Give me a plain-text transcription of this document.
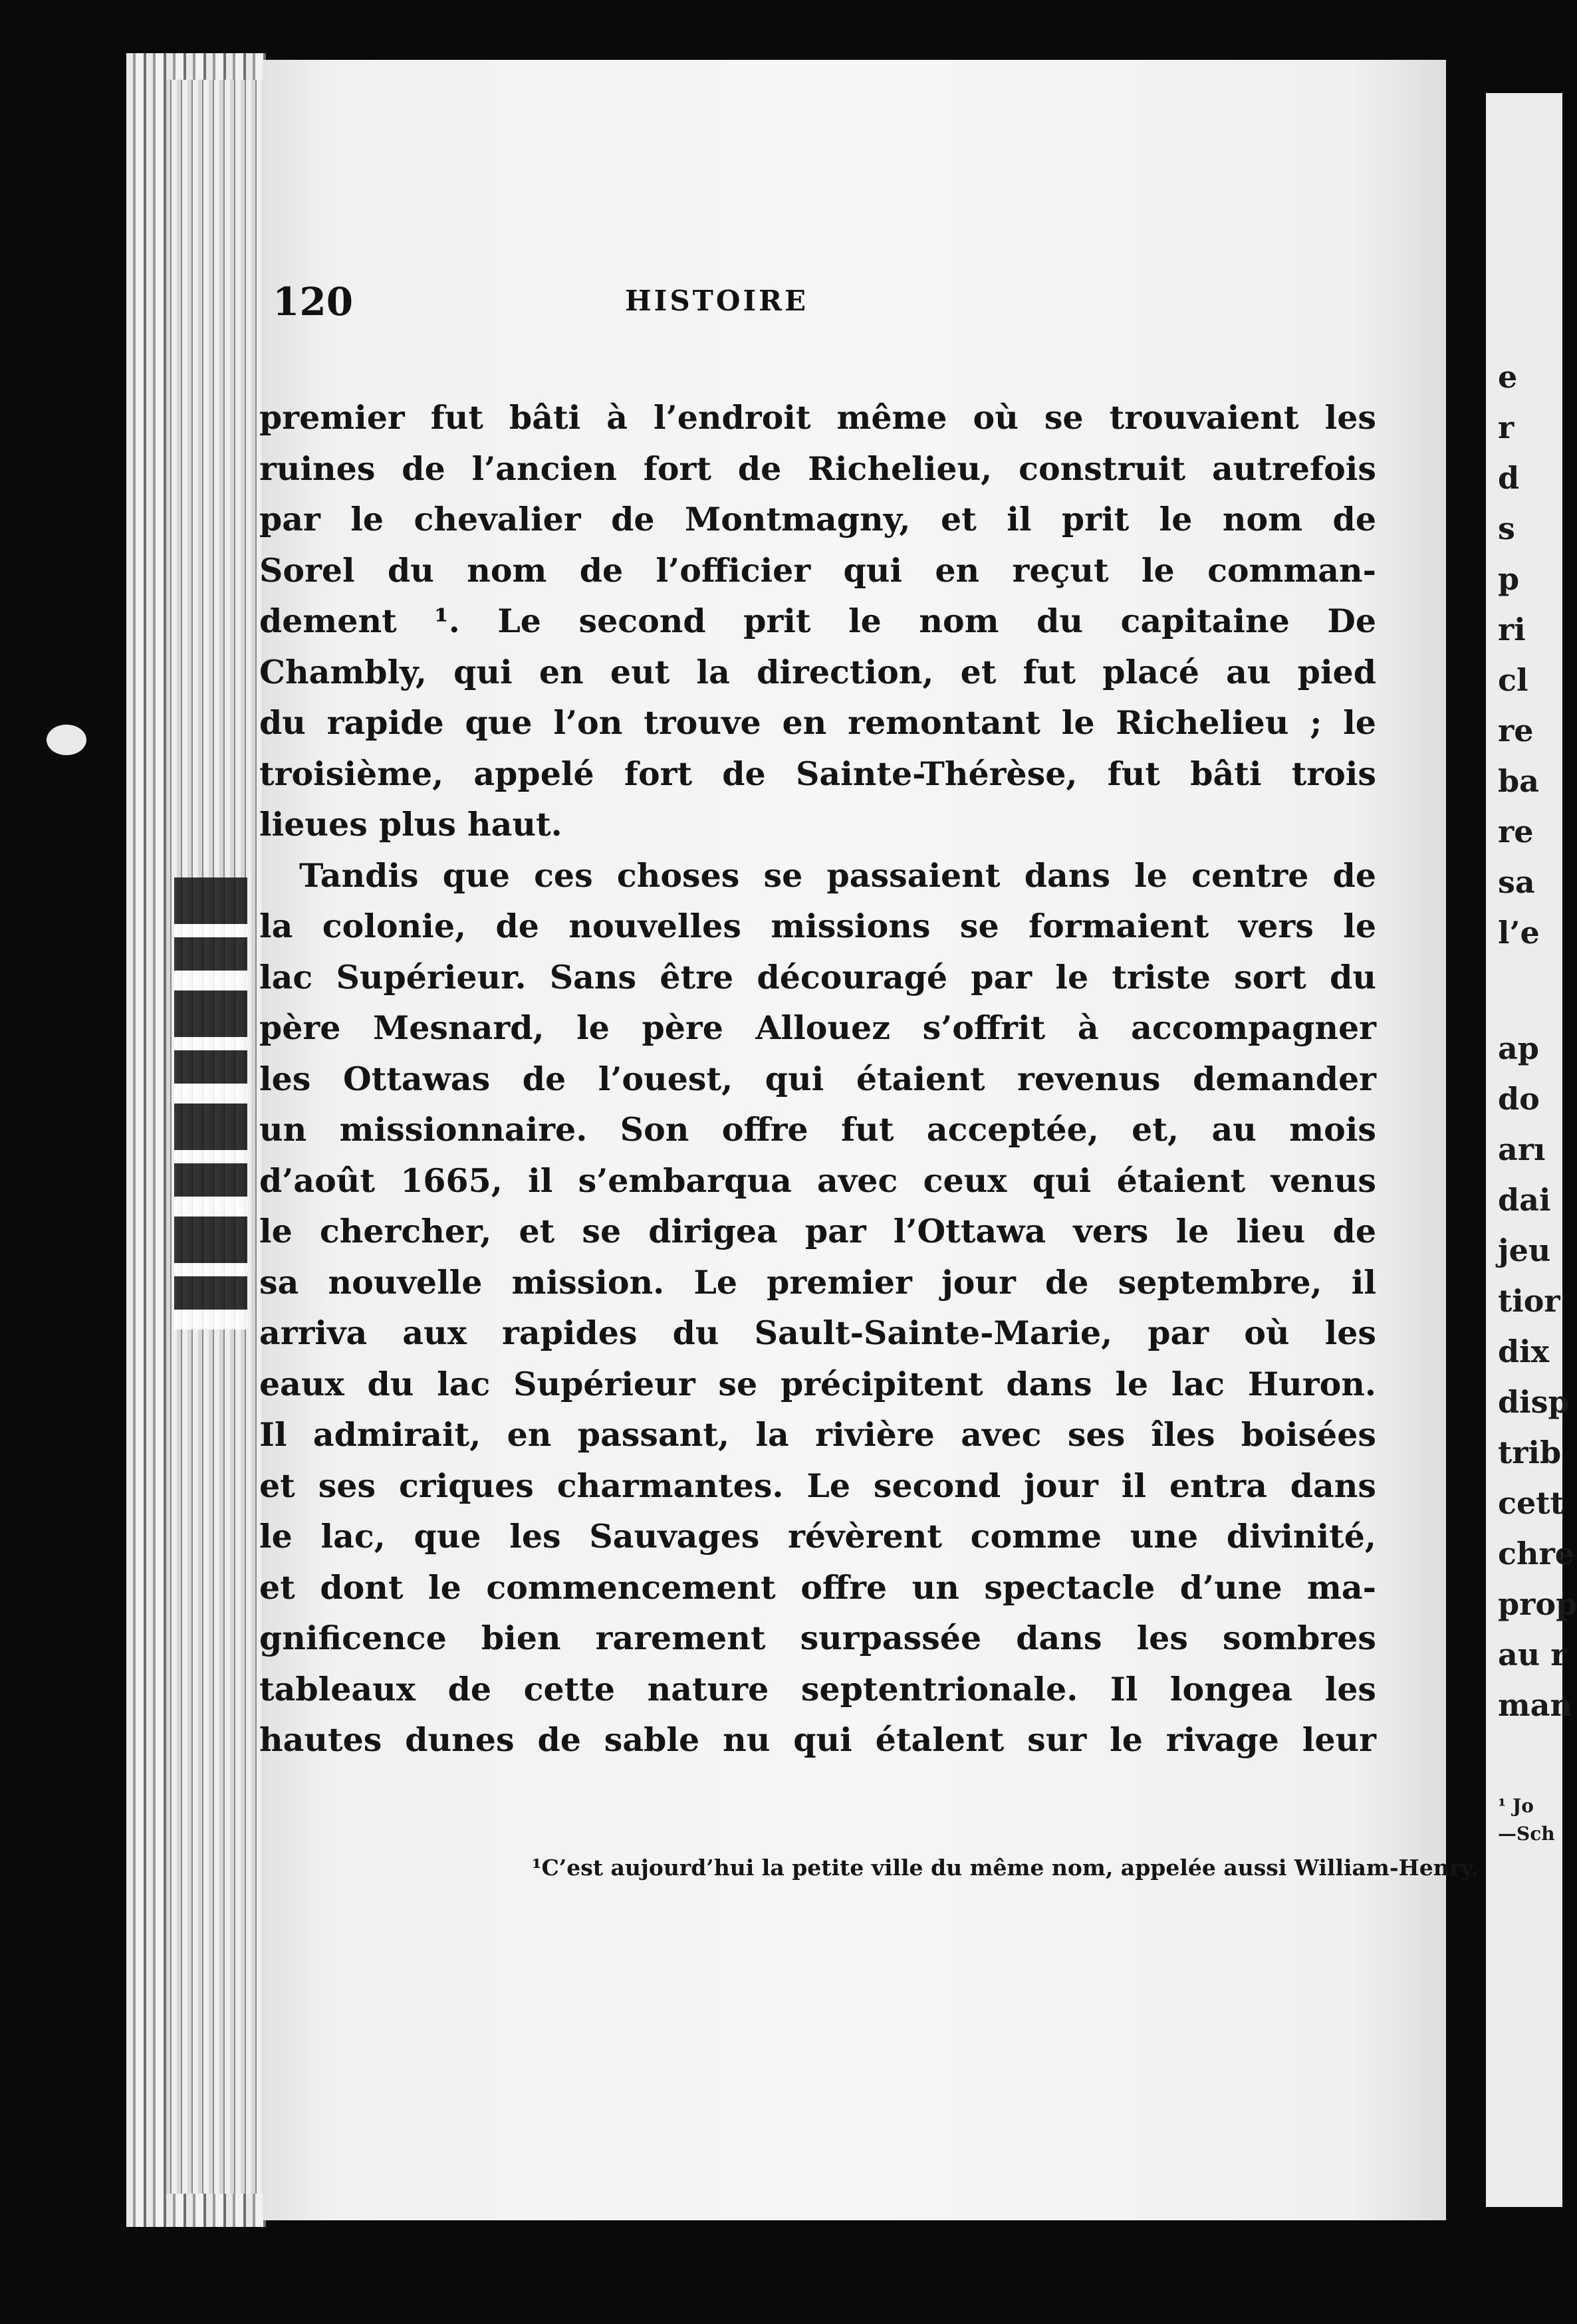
120	HISTOIRE
premier fut bâti à l’endroit même où se trouvaient les
ruines de l’ancien fort de Richelieu, construit autrefois
par le chevalier de Montmagny, et il prit le nom de
Sorel du nom de l’officier qui en reçut le comman-
dement ¹. Le second prit le nom du capitaine De
Chambly, qui en eut la direction, et fut placé au pied
du rapide que l’on trouve en remontant le Richelieu ; le
troisième, appelé fort de Sainte-Thérèse, fut bâti trois
lieues plus haut.
Tandis que ces choses se passaient dans le centre de
la colonie, de nouvelles missions se formaient vers le
lac Supérieur. Sans être découragé par le triste sort du
père Mesnard, le père Allouez s’offrit à accompagner
les Ottawas de l’ouest, qui étaient revenus demander
un missionnaire. Son offre fut acceptée, et, au mois
d’août 1665, il s’embarqua avec ceux qui étaient venus
le chercher, et se dirigea par l’Ottawa vers le lieu de
sa nouvelle mission. Le premier jour de septembre, il
arriva aux rapides du Sault-Sainte-Marie, par où les
eaux du lac Supérieur se précipitent dans le lac Huron.
Il admirait, en passant, la rivière avec ses îles boisées
et ses criques charmantes. Le second jour il entra dans
le lac, que les Sauvages révèrent comme une divinité,
et dont le commencement offre un spectacle d’une ma-
gnificence bien rarement surpassée dans les sombres
tableaux de cette nature septentrionale. Il longea les
hautes dunes de sable nu qui étalent sur le rivage leur
¹C’est aujourd’hui la petite ville du même nom, appelée aussi William-Henry.
e
r
d
s
p
ri
cl
re
ba
re
sa
l’e
ap
do
arı
dai
jeu
tior
dix
disp
trib
cett
chre
prop
au r
man
¹ Jo
—Sch
